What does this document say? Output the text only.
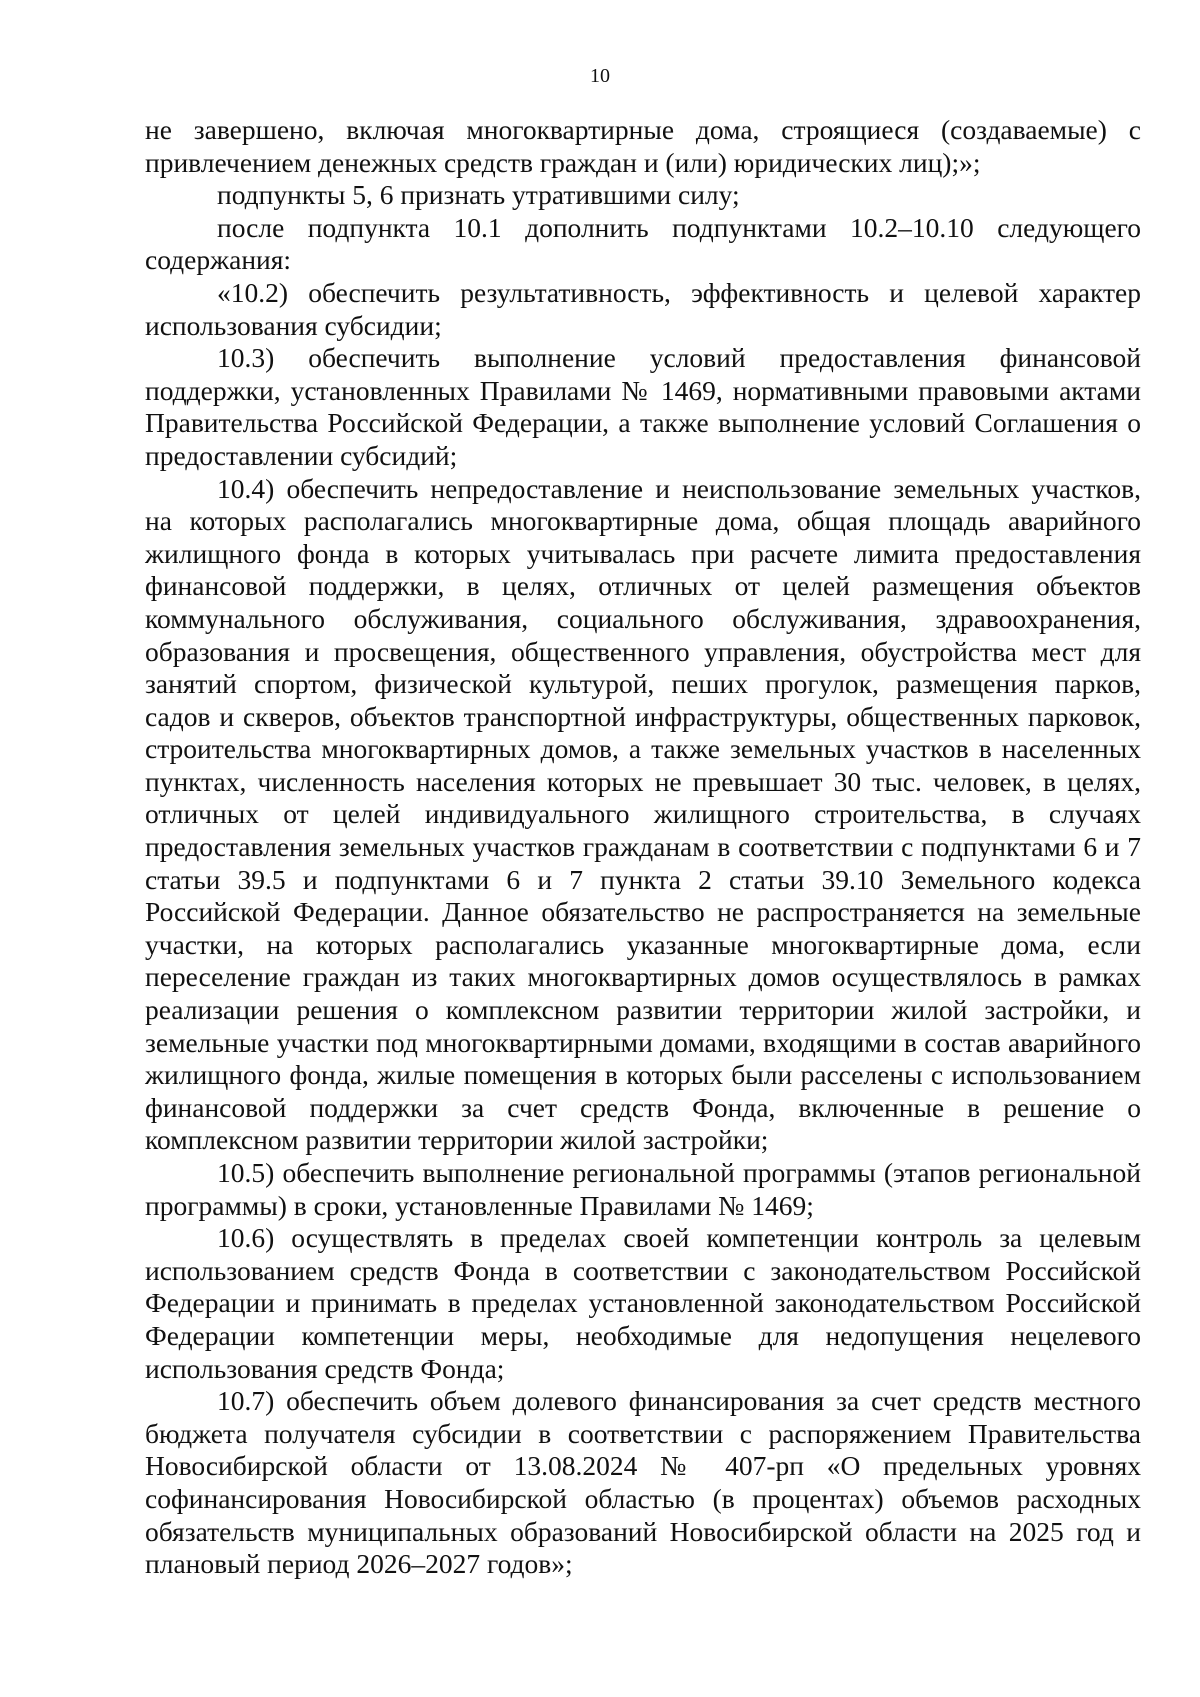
10

не завершено, включая многоквартирные дома, строящиеся (создаваемые) с привлечением денежных средств граждан и (или) юридических лиц);»;

подпункты 5, 6 признать утратившими силу;

после подпункта 10.1 дополнить подпунктами 10.2–10.10 следующего содержания:

«10.2) обеспечить результативность, эффективность и целевой характер использования субсидии;

10.3) обеспечить выполнение условий предоставления финансовой поддержки, установленных Правилами № 1469, нормативными правовыми актами Правительства Российской Федерации, а также выполнение условий Соглашения о предоставлении субсидий;

10.4) обеспечить непредоставление и неиспользование земельных участков, на которых располагались многоквартирные дома, общая площадь аварийного жилищного фонда в которых учитывалась при расчете лимита предоставления финансовой поддержки, в целях, отличных от целей размещения объектов коммунального обслуживания, социального обслуживания, здравоохранения, образования и просвещения, общественного управления, обустройства мест для занятий спортом, физической культурой, пеших прогулок, размещения парков, садов и скверов, объектов транспортной инфраструктуры, общественных парковок, строительства многоквартирных домов, а также земельных участков в населенных пунктах, численность населения которых не превышает 30 тыс. человек, в целях, отличных от целей индивидуального жилищного строительства, в случаях предоставления земельных участков гражданам в соответствии с подпунктами 6 и 7 статьи 39.5 и подпунктами 6 и 7 пункта 2 статьи 39.10 Земельного кодекса Российской Федерации. Данное обязательство не распространяется на земельные участки, на которых располагались указанные многоквартирные дома, если переселение граждан из таких многоквартирных домов осуществлялось в рамках реализации решения о комплексном развитии территории жилой застройки, и земельные участки под многоквартирными домами, входящими в состав аварийного жилищного фонда, жилые помещения в которых были расселены с использованием финансовой поддержки за счет средств Фонда, включенные в решение о комплексном развитии территории жилой застройки;

10.5) обеспечить выполнение региональной программы (этапов региональной программы) в сроки, установленные Правилами № 1469;

10.6) осуществлять в пределах своей компетенции контроль за целевым использованием средств Фонда в соответствии с законодательством Российской Федерации и принимать в пределах установленной законодательством Российской Федерации компетенции меры, необходимые для недопущения нецелевого использования средств Фонда;

10.7) обеспечить объем долевого финансирования за счет средств местного бюджета получателя субсидии в соответствии с распоряжением Правительства Новосибирской области от 13.08.2024 № 407-рп «О предельных уровнях софинансирования Новосибирской областью (в процентах) объемов расходных обязательств муниципальных образований Новосибирской области на 2025 год и плановый период 2026–2027 годов»;
